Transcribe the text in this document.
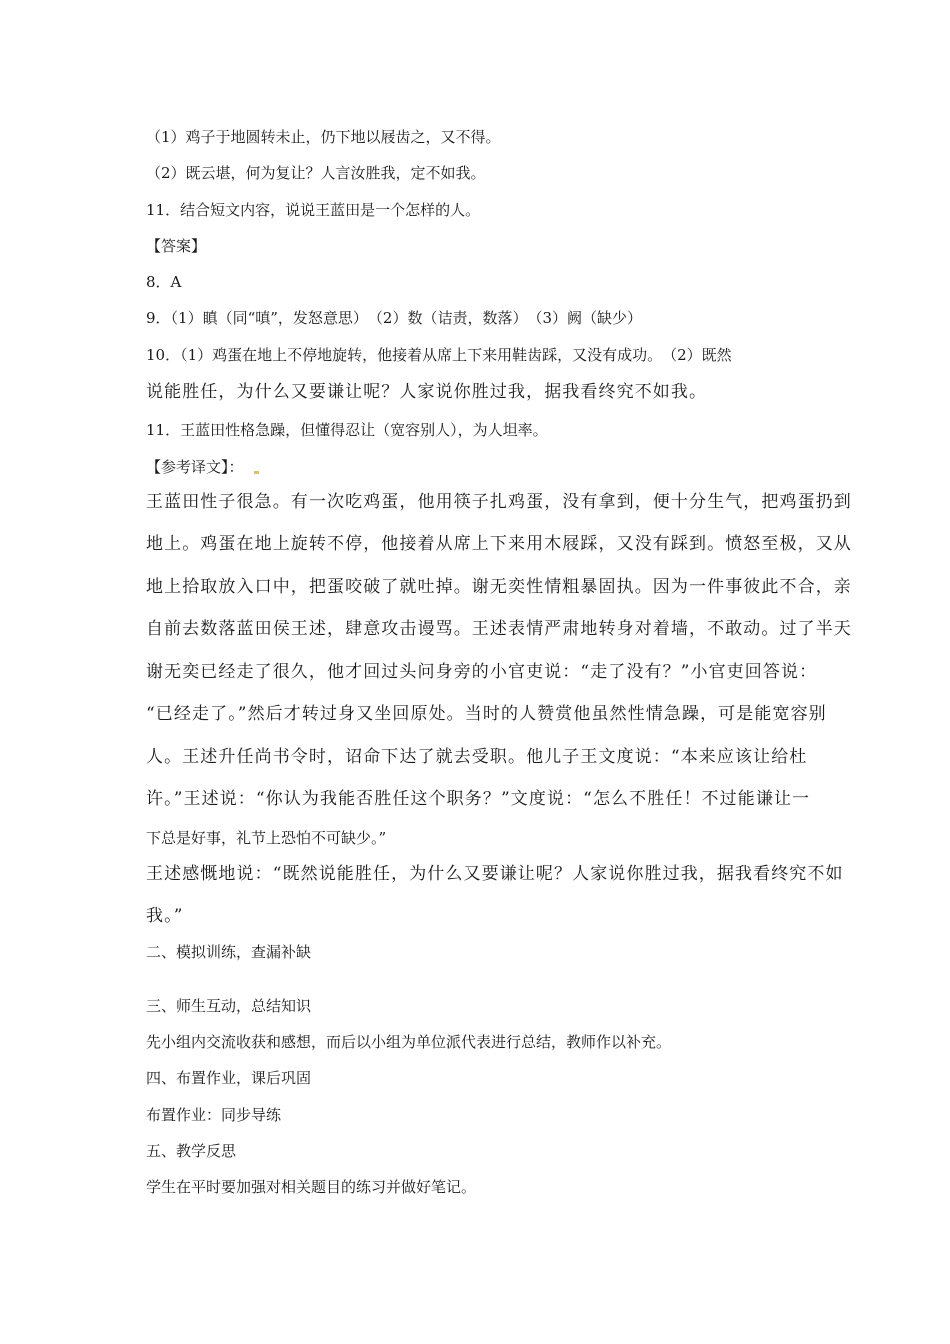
（1）鸡子于地圆转未止，仍下地以屐齿之，又不得。
（2）既云堪，何为复让？人言汝胜我，定不如我。
11．结合短文内容，说说王蓝田是一个怎样的人。
【答案】
8．A
9．（1）瞋（同“嗔”，发怒意思）　（2）数（诘责，数落）　（3）阙（缺少）
10．（1）鸡蛋在地上不停地旋转，他接着从席上下来用鞋齿踩，又没有成功。　（2）既然
说能胜任，为什么又要谦让呢？人家说你胜过我，据我看终究不如我。
11．王蓝田性格急躁，但懂得忍让（宽容别人），为人坦率。
【参考译文】：
王蓝田性子很急。有一次吃鸡蛋，他用筷子扎鸡蛋，没有拿到，便十分生气，把鸡蛋扔到
地上。鸡蛋在地上旋转不停，他接着从席上下来用木屐踩，又没有踩到。愤怒至极，又从
地上拾取放入口中，把蛋咬破了就吐掉。谢无奕性情粗暴固执。因为一件事彼此不合，亲
自前去数落蓝田侯王述，肆意攻击谩骂。王述表情严肃地转身对着墙，不敢动。过了半天
谢无奕已经走了很久，他才回过头问身旁的小官吏说：“走了没有？”小官吏回答说：
“已经走了。”然后才转过身又坐回原处。当时的人赞赏他虽然性情急躁，可是能宽容别
人。王述升任尚书令时，诏命下达了就去受职。他儿子王文度说：“本来应该让给杜
许。”王述说：“你认为我能否胜任这个职务？”文度说：“怎么不胜任！不过能谦让一
下总是好事，礼节上恐怕不可缺少。”
王述感慨地说：“既然说能胜任，为什么又要谦让呢？人家说你胜过我，据我看终究不如
我。”
二、模拟训练，查漏补缺
三、师生互动，总结知识
先小组内交流收获和感想，而后以小组为单位派代表进行总结，教师作以补充。
四、布置作业，课后巩固
布置作业：同步导练
五、教学反思
学生在平时要加强对相关题目的练习并做好笔记。
